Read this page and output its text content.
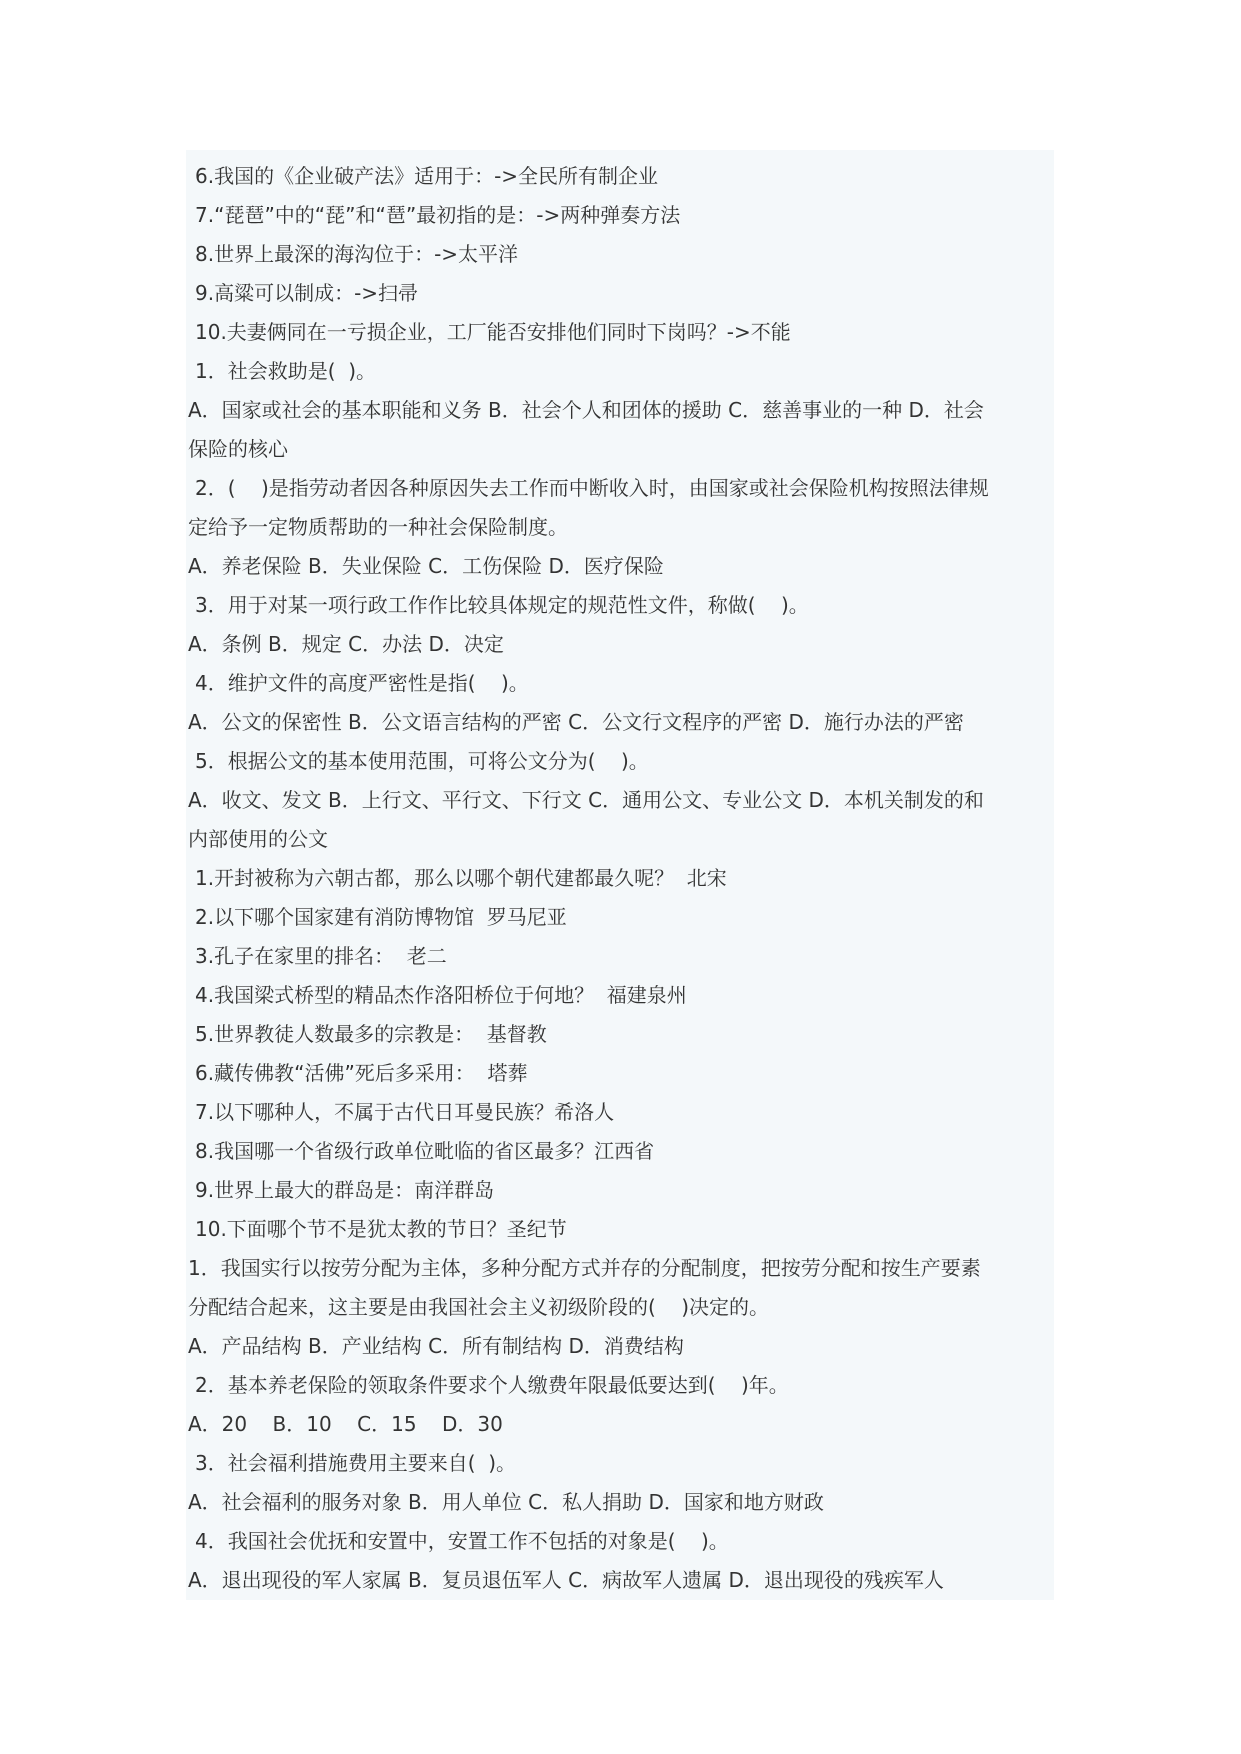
6.我国的《企业破产法》适用于：->全民所有制企业
7.“琵琶”中的“琵”和“琶”最初指的是：->两种弹奏方法
8.世界上最深的海沟位于：->太平洋
9.高粱可以制成：->扫帚
10.夫妻俩同在一亏损企业，工厂能否安排他们同时下岗吗？->不能
1．社会救助是(  )。
A．国家或社会的基本职能和义务 B．社会个人和团体的援助 C．慈善事业的一种 D．社会
保险的核心
2．(    )是指劳动者因各种原因失去工作而中断收入时，由国家或社会保险机构按照法律规
定给予一定物质帮助的一种社会保险制度。
A．养老保险 B．失业保险 C．工伤保险 D．医疗保险
3．用于对某一项行政工作作比较具体规定的规范性文件，称做(    )。
A．条例 B．规定 C．办法 D．决定
4．维护文件的高度严密性是指(    )。
A．公文的保密性 B．公文语言结构的严密 C．公文行文程序的严密 D．施行办法的严密
5．根据公文的基本使用范围，可将公文分为(    )。
A．收文、发文 B．上行文、平行文、下行文 C．通用公文、专业公文 D．本机关制发的和
内部使用的公文
1.开封被称为六朝古都，那么以哪个朝代建都最久呢？  北宋
2.以下哪个国家建有消防博物馆  罗马尼亚
3.孔子在家里的排名：  老二
4.我国梁式桥型的精品杰作洛阳桥位于何地？  福建泉州
5.世界教徒人数最多的宗教是：  基督教
6.藏传佛教“活佛”死后多采用：  塔葬
7.以下哪种人，不属于古代日耳曼民族？希洛人
8.我国哪一个省级行政单位毗临的省区最多？江西省
9.世界上最大的群岛是：南洋群岛
10.下面哪个节不是犹太教的节日？圣纪节
1．我国实行以按劳分配为主体，多种分配方式并存的分配制度，把按劳分配和按生产要素
分配结合起来，这主要是由我国社会主义初级阶段的(    )决定的。
A．产品结构 B．产业结构 C．所有制结构 D．消费结构
2．基本养老保险的领取条件要求个人缴费年限最低要达到(    )年。
A．20    B．10    C．15    D．30
3．社会福利措施费用主要来自(  )。
A．社会福利的服务对象 B．用人单位 C．私人捐助 D．国家和地方财政
4．我国社会优抚和安置中，安置工作不包括的对象是(    )。
A．退出现役的军人家属 B．复员退伍军人 C．病故军人遗属 D．退出现役的残疾军人
